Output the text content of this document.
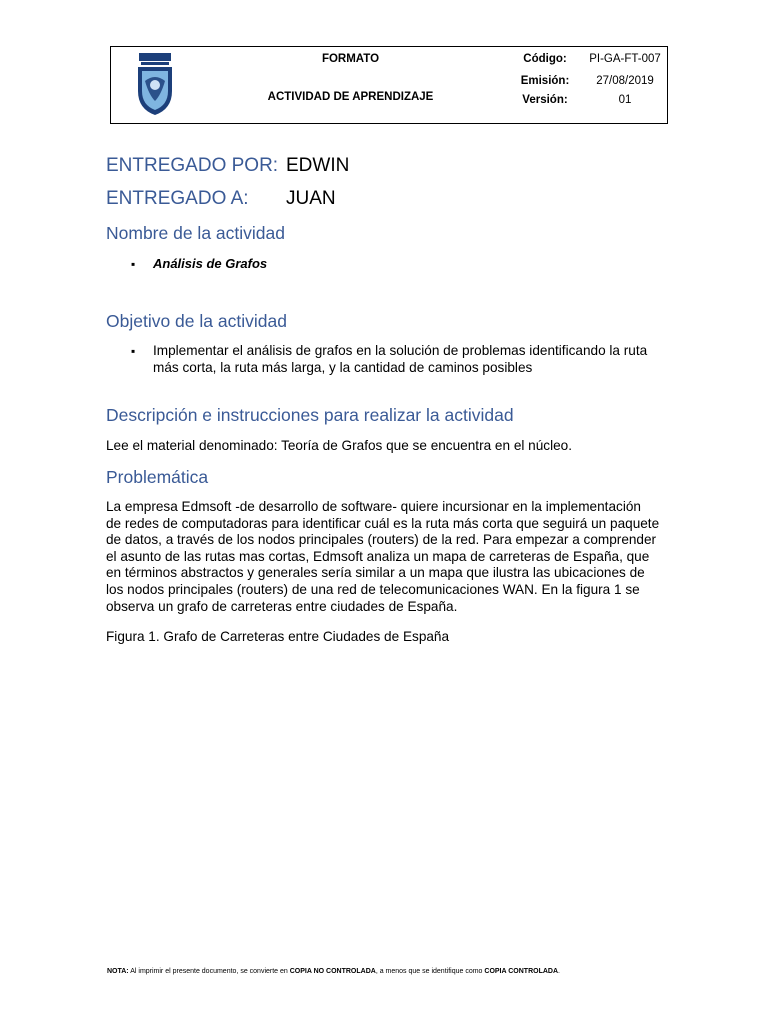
FORMATO
ACTIVIDAD DE APRENDIZAJE
Código:	PI-GA-FT-007
Emisión:	27/08/2019
Versión:	01
ENTREGADO POR: EDWIN
ENTREGADO A: JUAN
Nombre de la actividad
▪ Análisis de Grafos
Objetivo de la actividad
▪ Implementar el análisis de grafos en la solución de problemas identificando la ruta
más corta, la ruta más larga, y la cantidad de caminos posibles
Descripción e instrucciones para realizar la actividad
Lee el material denominado: Teoría de Grafos que se encuentra en el núcleo.
Problemática
La empresa Edmsoft -de desarrollo de software- quiere incursionar en la implementación
de redes de computadoras para identificar cuál es la ruta más corta que seguirá un paquete
de datos, a través de los nodos principales (routers) de la red. Para empezar a comprender
el asunto de las rutas mas cortas, Edmsoft analiza un mapa de carreteras de España, que
en términos abstractos y generales sería similar a un mapa que ilustra las ubicaciones de
los nodos principales (routers) de una red de telecomunicaciones WAN. En la figura 1 se
observa un grafo de carreteras entre ciudades de España.
Figura 1. Grafo de Carreteras entre Ciudades de España
NOTA: Al imprimir el presente documento, se convierte en COPIA NO CONTROLADA, a menos que se identifique como COPIA CONTROLADA.
